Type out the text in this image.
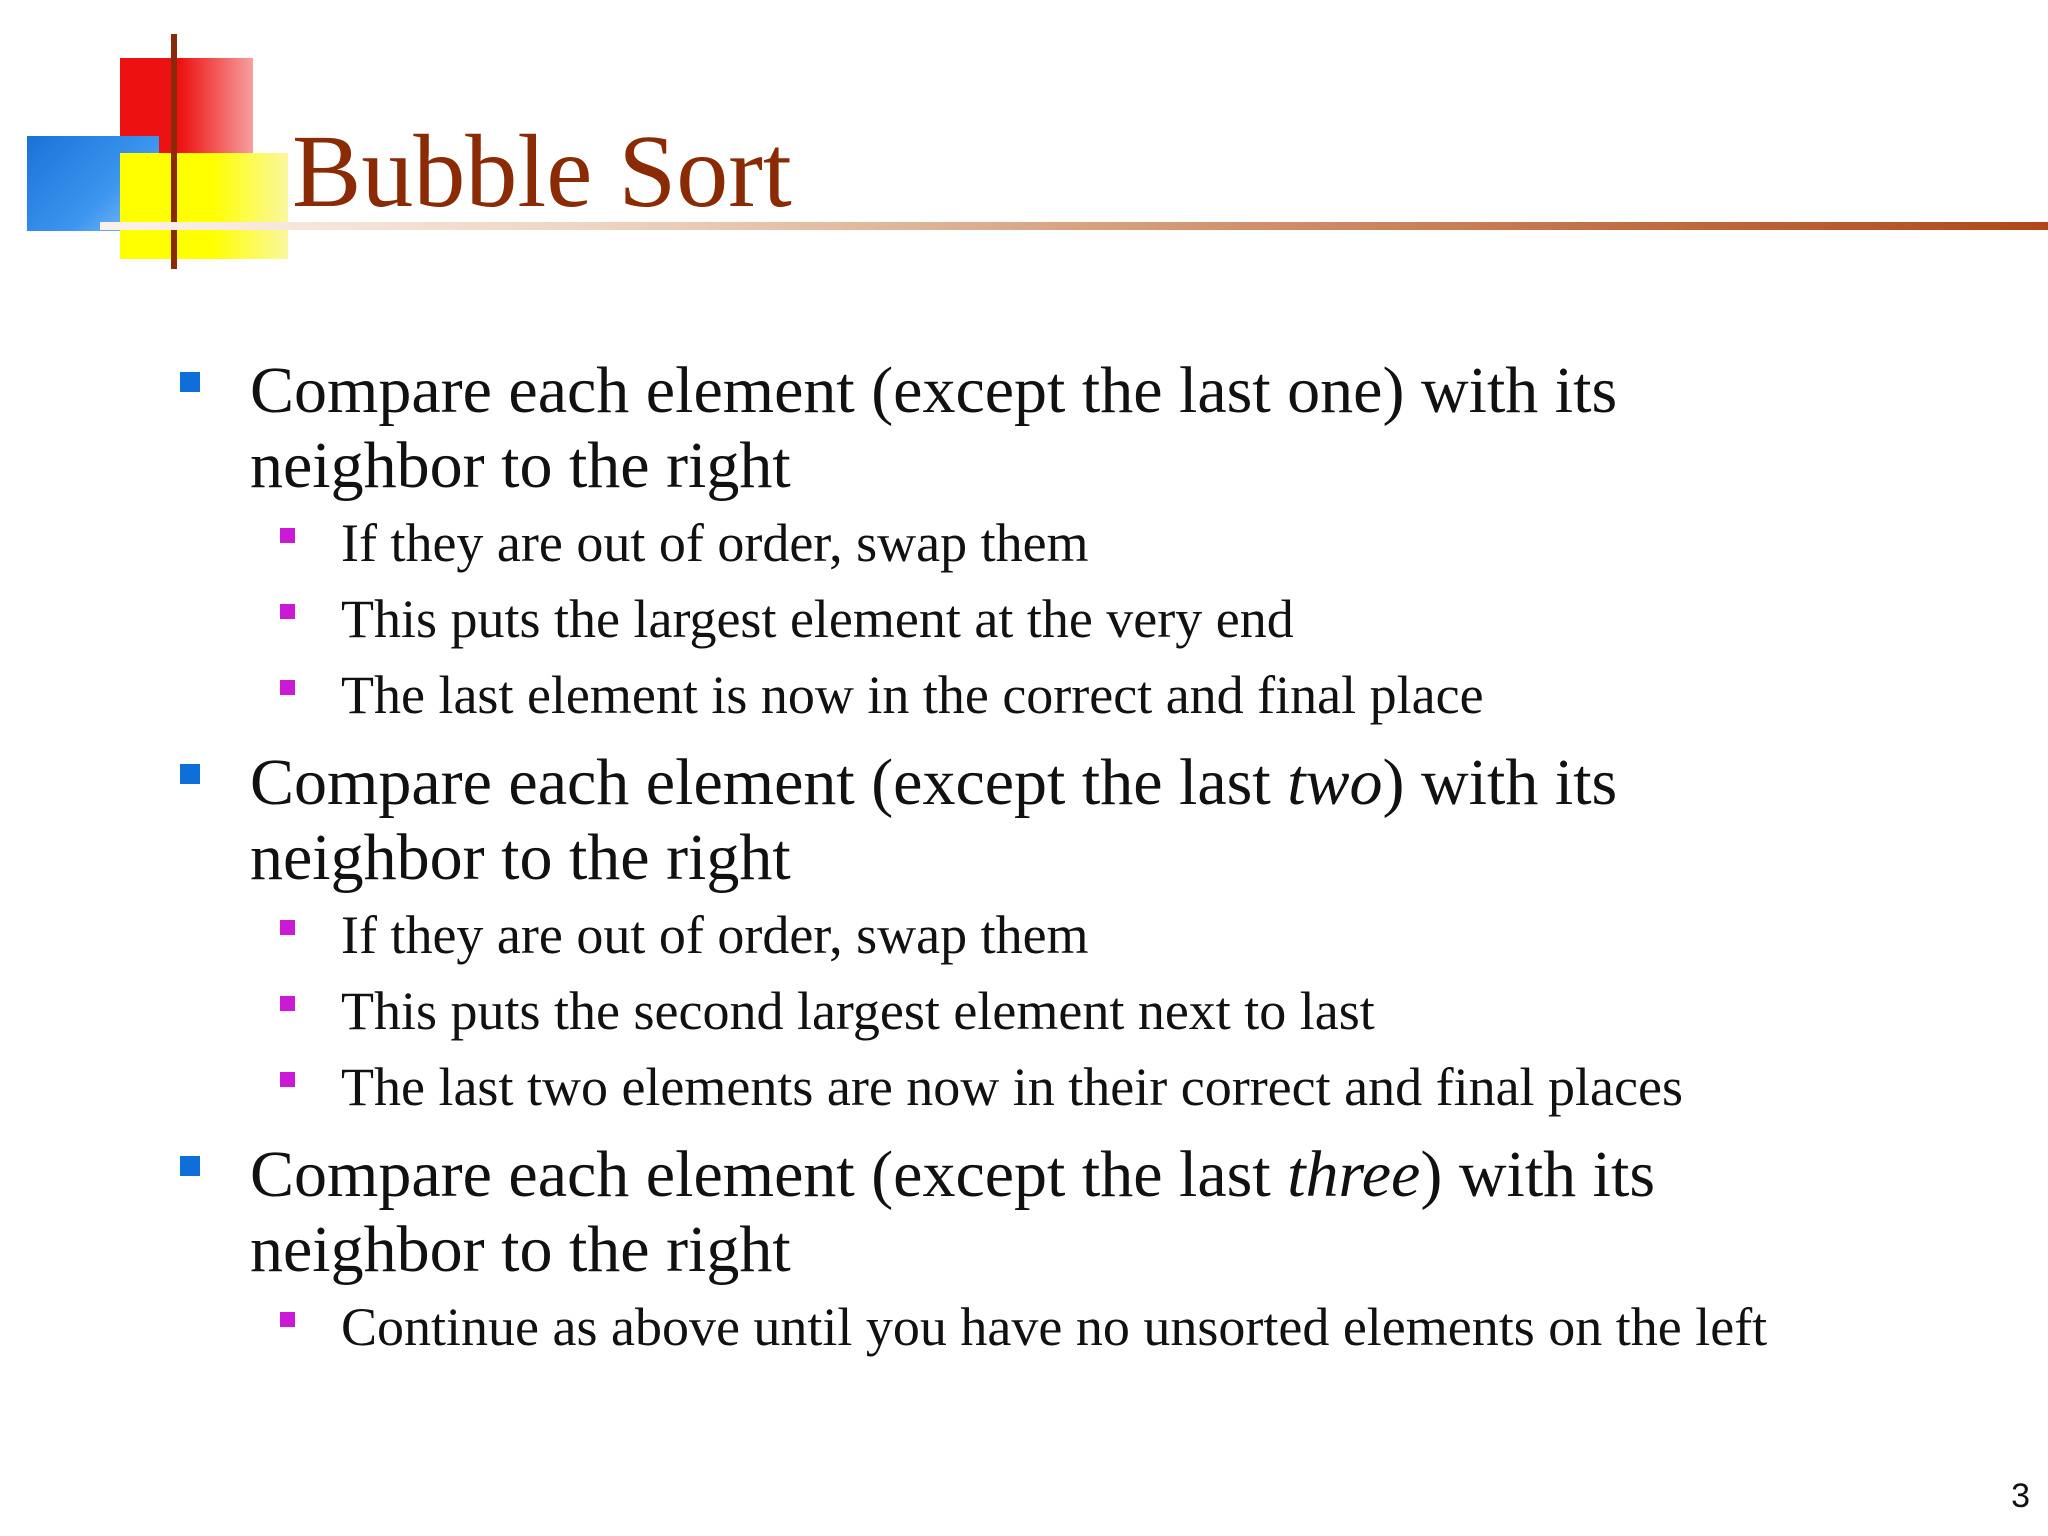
Bubble Sort
Compare each element (except the last one) with its
neighbor to the right
If they are out of order, swap them
This puts the largest element at the very end
The last element is now in the correct and final place
Compare each element (except the last two) with its
neighbor to the right
If they are out of order, swap them
This puts the second largest element next to last
The last two elements are now in their correct and final places
Compare each element (except the last three) with its
neighbor to the right
Continue as above until you have no unsorted elements on the left
3
